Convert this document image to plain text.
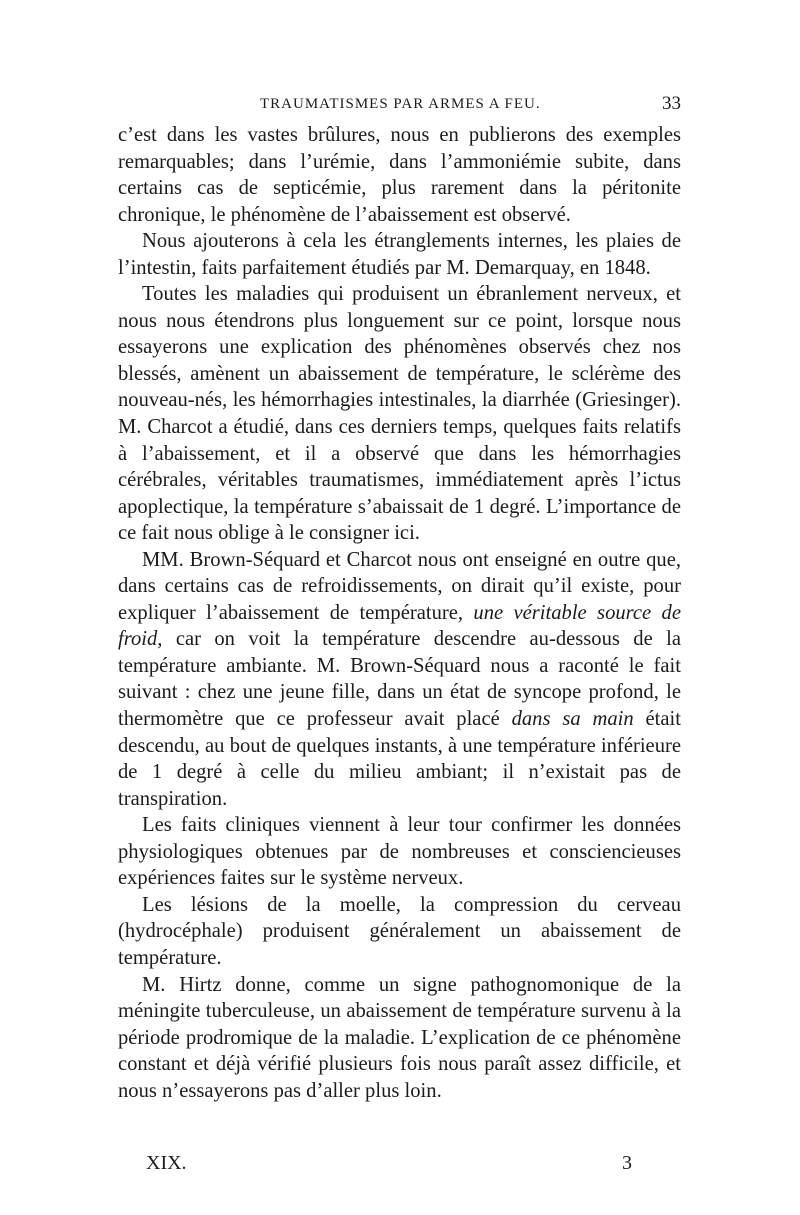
TRAUMATISMES PAR ARMES A FEU.	33

c’est dans les vastes brûlures, nous en publierons des exemples remarquables; dans l’urémie, dans l’ammoniémie subite, dans certains cas de septicémie, plus rarement dans la péritonite chronique, le phénomène de l’abaissement est observé.

Nous ajouterons à cela les étranglements internes, les plaies de l’intestin, faits parfaitement étudiés par M. Demarquay, en 1848.

Toutes les maladies qui produisent un ébranlement nerveux, et nous nous étendrons plus longuement sur ce point, lorsque nous essayerons une explication des phénomènes observés chez nos blessés, amènent un abaissement de température, le sclérème des nouveau-nés, les hémorrhagies intestinales, la diarrhée (Griesinger). M. Charcot a étudié, dans ces derniers temps, quelques faits relatifs à l’abaissement, et il a observé que dans les hémorrhagies cérébrales, véritables traumatismes, immédiatement après l’ictus apoplectique, la température s’abaissait de 1 degré. L’importance de ce fait nous oblige à le consigner ici.

MM. Brown-Séquard et Charcot nous ont enseigné en outre que, dans certains cas de refroidissements, on dirait qu’il existe, pour expliquer l’abaissement de température, une véritable source de froid, car on voit la température descendre au-dessous de la température ambiante. M. Brown-Séquard nous a raconté le fait suivant : chez une jeune fille, dans un état de syncope profond, le thermomètre que ce professeur avait placé dans sa main était descendu, au bout de quelques instants, à une température inférieure de 1 degré à celle du milieu ambiant; il n’existait pas de transpiration.

Les faits cliniques viennent à leur tour confirmer les données physiologiques obtenues par de nombreuses et consciencieuses expériences faites sur le système nerveux.

Les lésions de la moelle, la compression du cerveau (hydrocéphale) produisent généralement un abaissement de température.

M. Hirtz donne, comme un signe pathognomonique de la méningite tuberculeuse, un abaissement de température survenu à la période prodromique de la maladie. L’explication de ce phénomène constant et déjà vérifié plusieurs fois nous paraît assez difficile, et nous n’essayerons pas d’aller plus loin.

XIX.	3
